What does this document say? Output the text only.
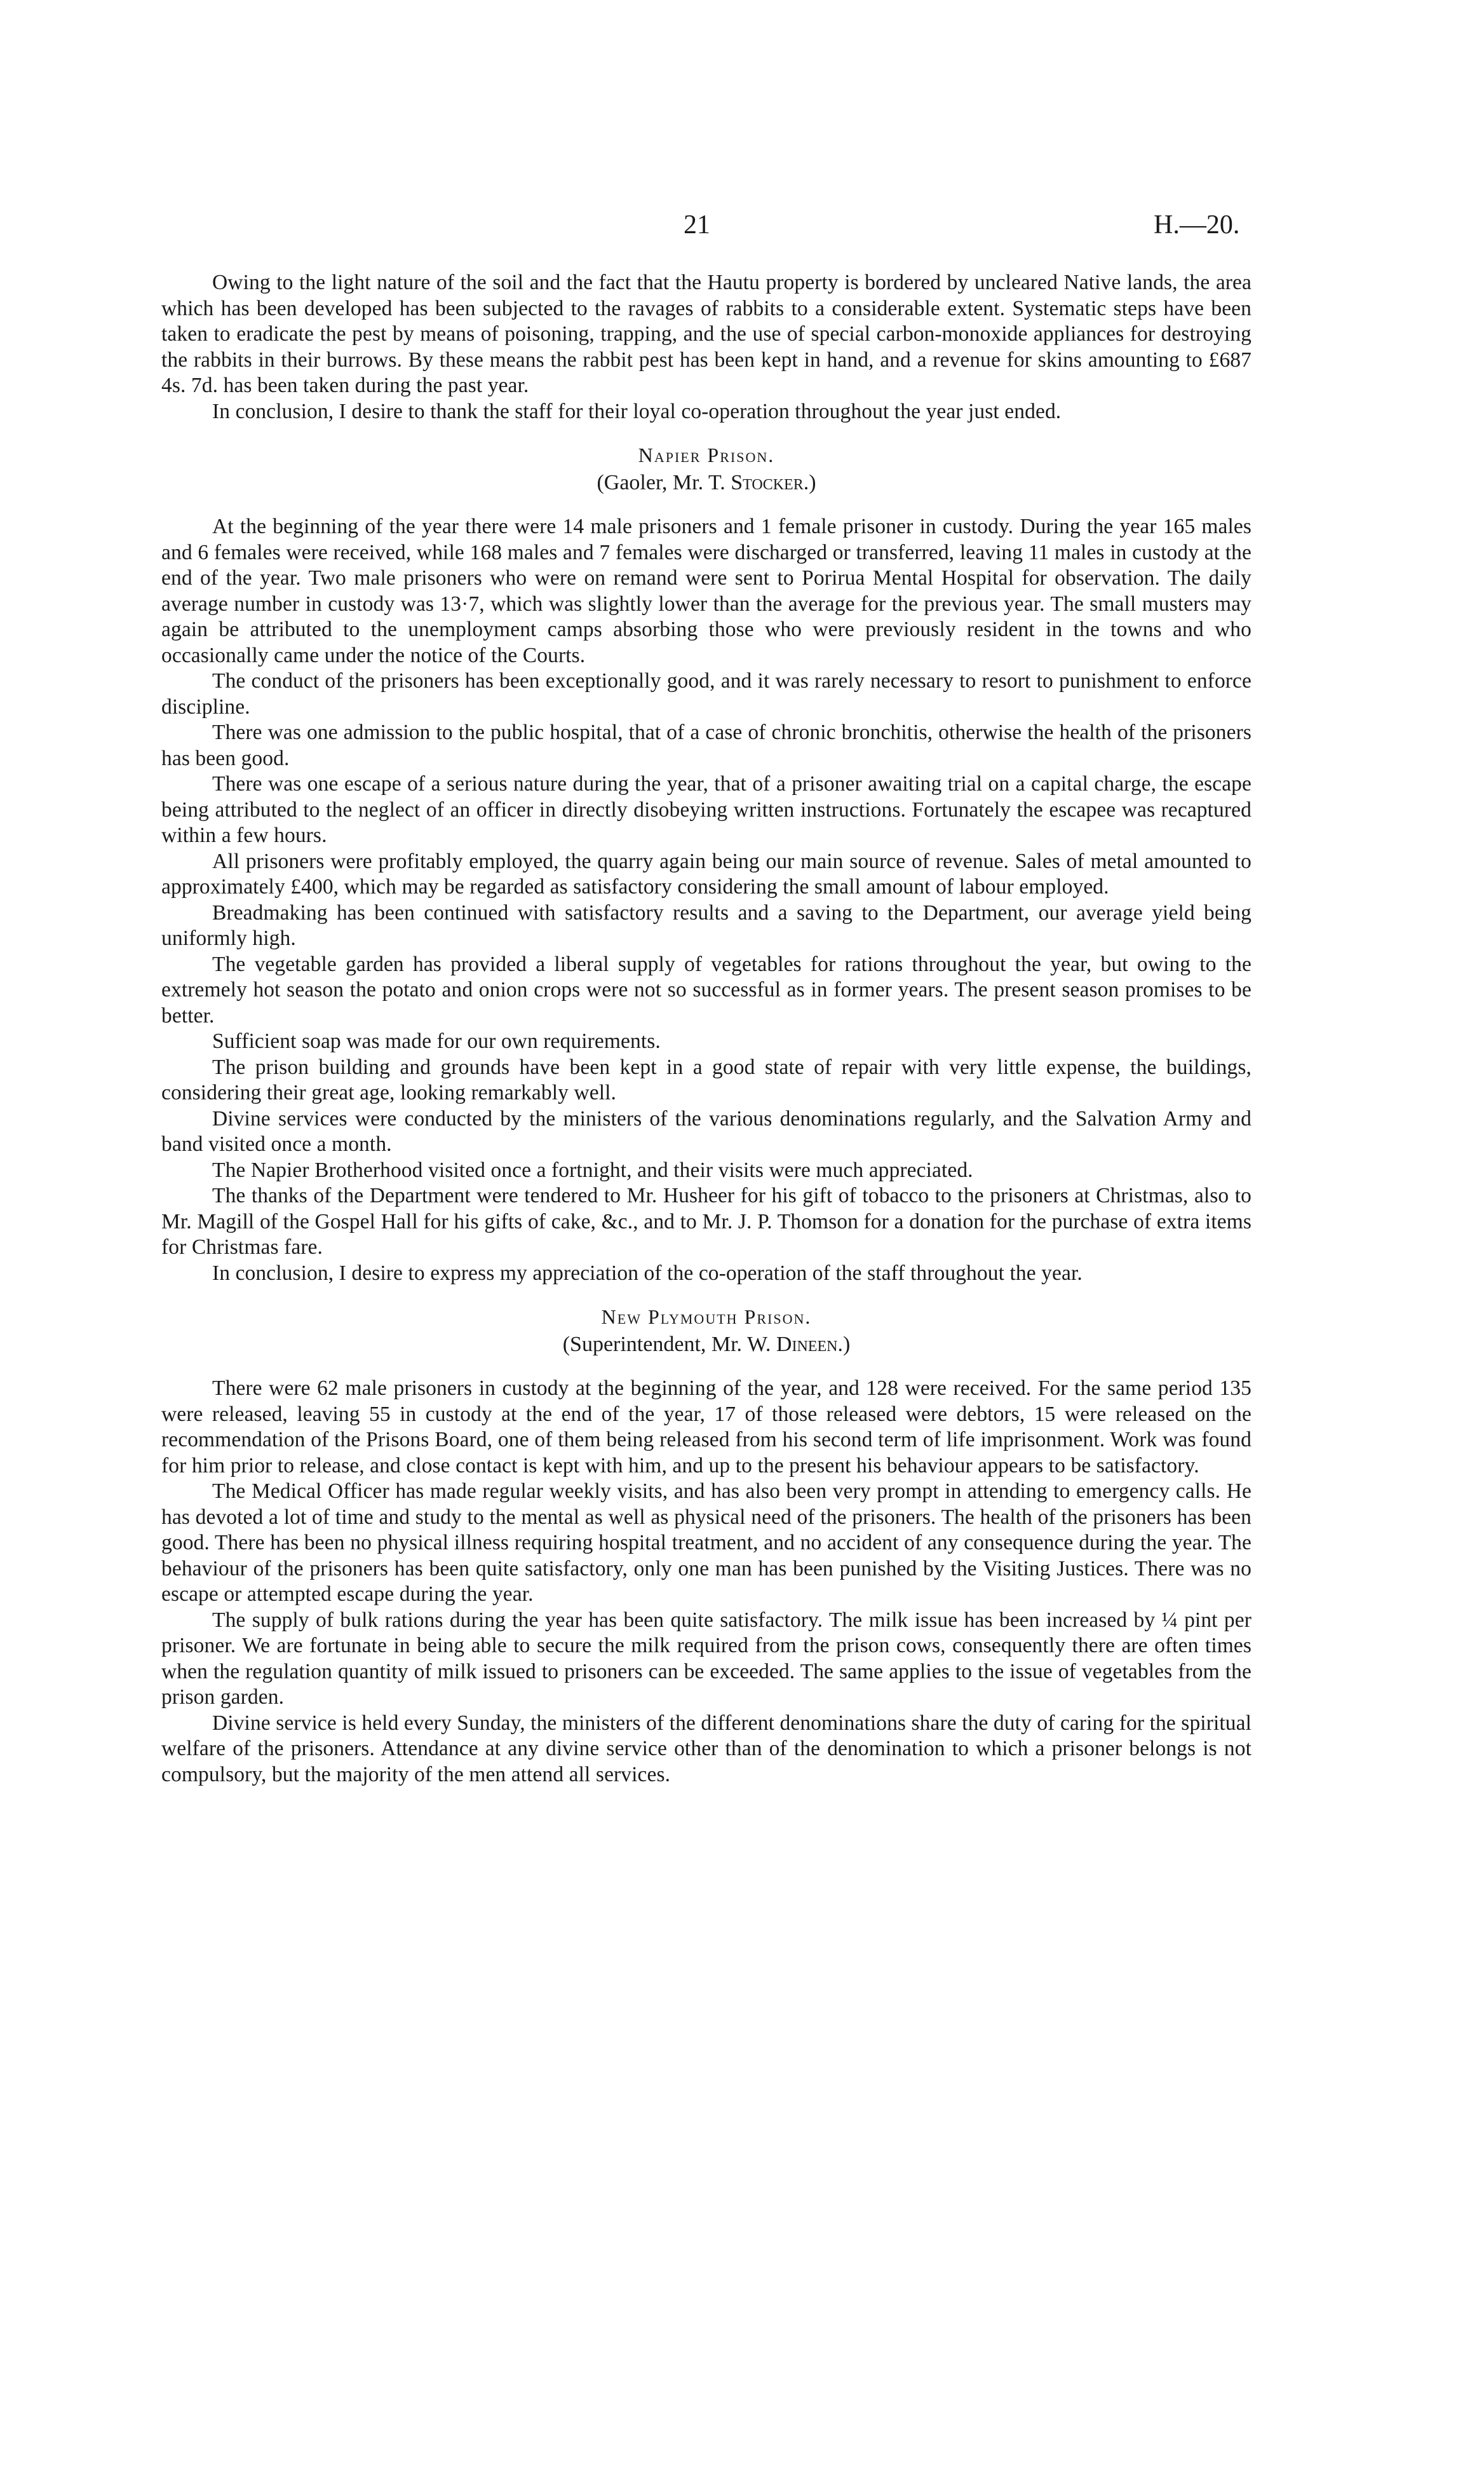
21	H.—20.

Owing to the light nature of the soil and the fact that the Hautu property is bordered by uncleared Native lands, the area which has been developed has been subjected to the ravages of rabbits to a considerable extent. Systematic steps have been taken to eradicate the pest by means of poisoning, trapping, and the use of special carbon-monoxide appliances for destroying the rabbits in their burrows. By these means the rabbit pest has been kept in hand, and a revenue for skins amounting to £687 4s. 7d. has been taken during the past year.

In conclusion, I desire to thank the staff for their loyal co-operation throughout the year just ended.

Napier Prison.
(Gaoler, Mr. T. Stocker.)

At the beginning of the year there were 14 male prisoners and 1 female prisoner in custody. During the year 165 males and 6 females were received, while 168 males and 7 females were discharged or transferred, leaving 11 males in custody at the end of the year. Two male prisoners who were on remand were sent to Porirua Mental Hospital for observation. The daily average number in custody was 13·7, which was slightly lower than the average for the previous year. The small musters may again be attributed to the unemployment camps absorbing those who were previously resident in the towns and who occasionally came under the notice of the Courts.

The conduct of the prisoners has been exceptionally good, and it was rarely necessary to resort to punishment to enforce discipline.

There was one admission to the public hospital, that of a case of chronic bronchitis, otherwise the health of the prisoners has been good.

There was one escape of a serious nature during the year, that of a prisoner awaiting trial on a capital charge, the escape being attributed to the neglect of an officer in directly disobeying written instructions. Fortunately the escapee was recaptured within a few hours.

All prisoners were profitably employed, the quarry again being our main source of revenue. Sales of metal amounted to approximately £400, which may be regarded as satisfactory considering the small amount of labour employed.

Breadmaking has been continued with satisfactory results and a saving to the Department, our average yield being uniformly high.

The vegetable garden has provided a liberal supply of vegetables for rations throughout the year, but owing to the extremely hot season the potato and onion crops were not so successful as in former years. The present season promises to be better.

Sufficient soap was made for our own requirements.

The prison building and grounds have been kept in a good state of repair with very little expense, the buildings, considering their great age, looking remarkably well.

Divine services were conducted by the ministers of the various denominations regularly, and the Salvation Army and band visited once a month.

The Napier Brotherhood visited once a fortnight, and their visits were much appreciated.

The thanks of the Department were tendered to Mr. Husheer for his gift of tobacco to the prisoners at Christmas, also to Mr. Magill of the Gospel Hall for his gifts of cake, &c., and to Mr. J. P. Thomson for a donation for the purchase of extra items for Christmas fare.

In conclusion, I desire to express my appreciation of the co-operation of the staff throughout the year.

New Plymouth Prison.
(Superintendent, Mr. W. Dineen.)

There were 62 male prisoners in custody at the beginning of the year, and 128 were received. For the same period 135 were released, leaving 55 in custody at the end of the year, 17 of those released were debtors, 15 were released on the recommendation of the Prisons Board, one of them being released from his second term of life imprisonment. Work was found for him prior to release, and close contact is kept with him, and up to the present his behaviour appears to be satisfactory.

The Medical Officer has made regular weekly visits, and has also been very prompt in attending to emergency calls. He has devoted a lot of time and study to the mental as well as physical need of the prisoners. The health of the prisoners has been good. There has been no physical illness requiring hospital treatment, and no accident of any consequence during the year. The behaviour of the prisoners has been quite satisfactory, only one man has been punished by the Visiting Justices. There was no escape or attempted escape during the year.

The supply of bulk rations during the year has been quite satisfactory. The milk issue has been increased by ¼ pint per prisoner. We are fortunate in being able to secure the milk required from the prison cows, consequently there are often times when the regulation quantity of milk issued to prisoners can be exceeded. The same applies to the issue of vegetables from the prison garden.

Divine service is held every Sunday, the ministers of the different denominations share the duty of caring for the spiritual welfare of the prisoners. Attendance at any divine service other than of the denomination to which a prisoner belongs is not compulsory, but the majority of the men attend all services.
